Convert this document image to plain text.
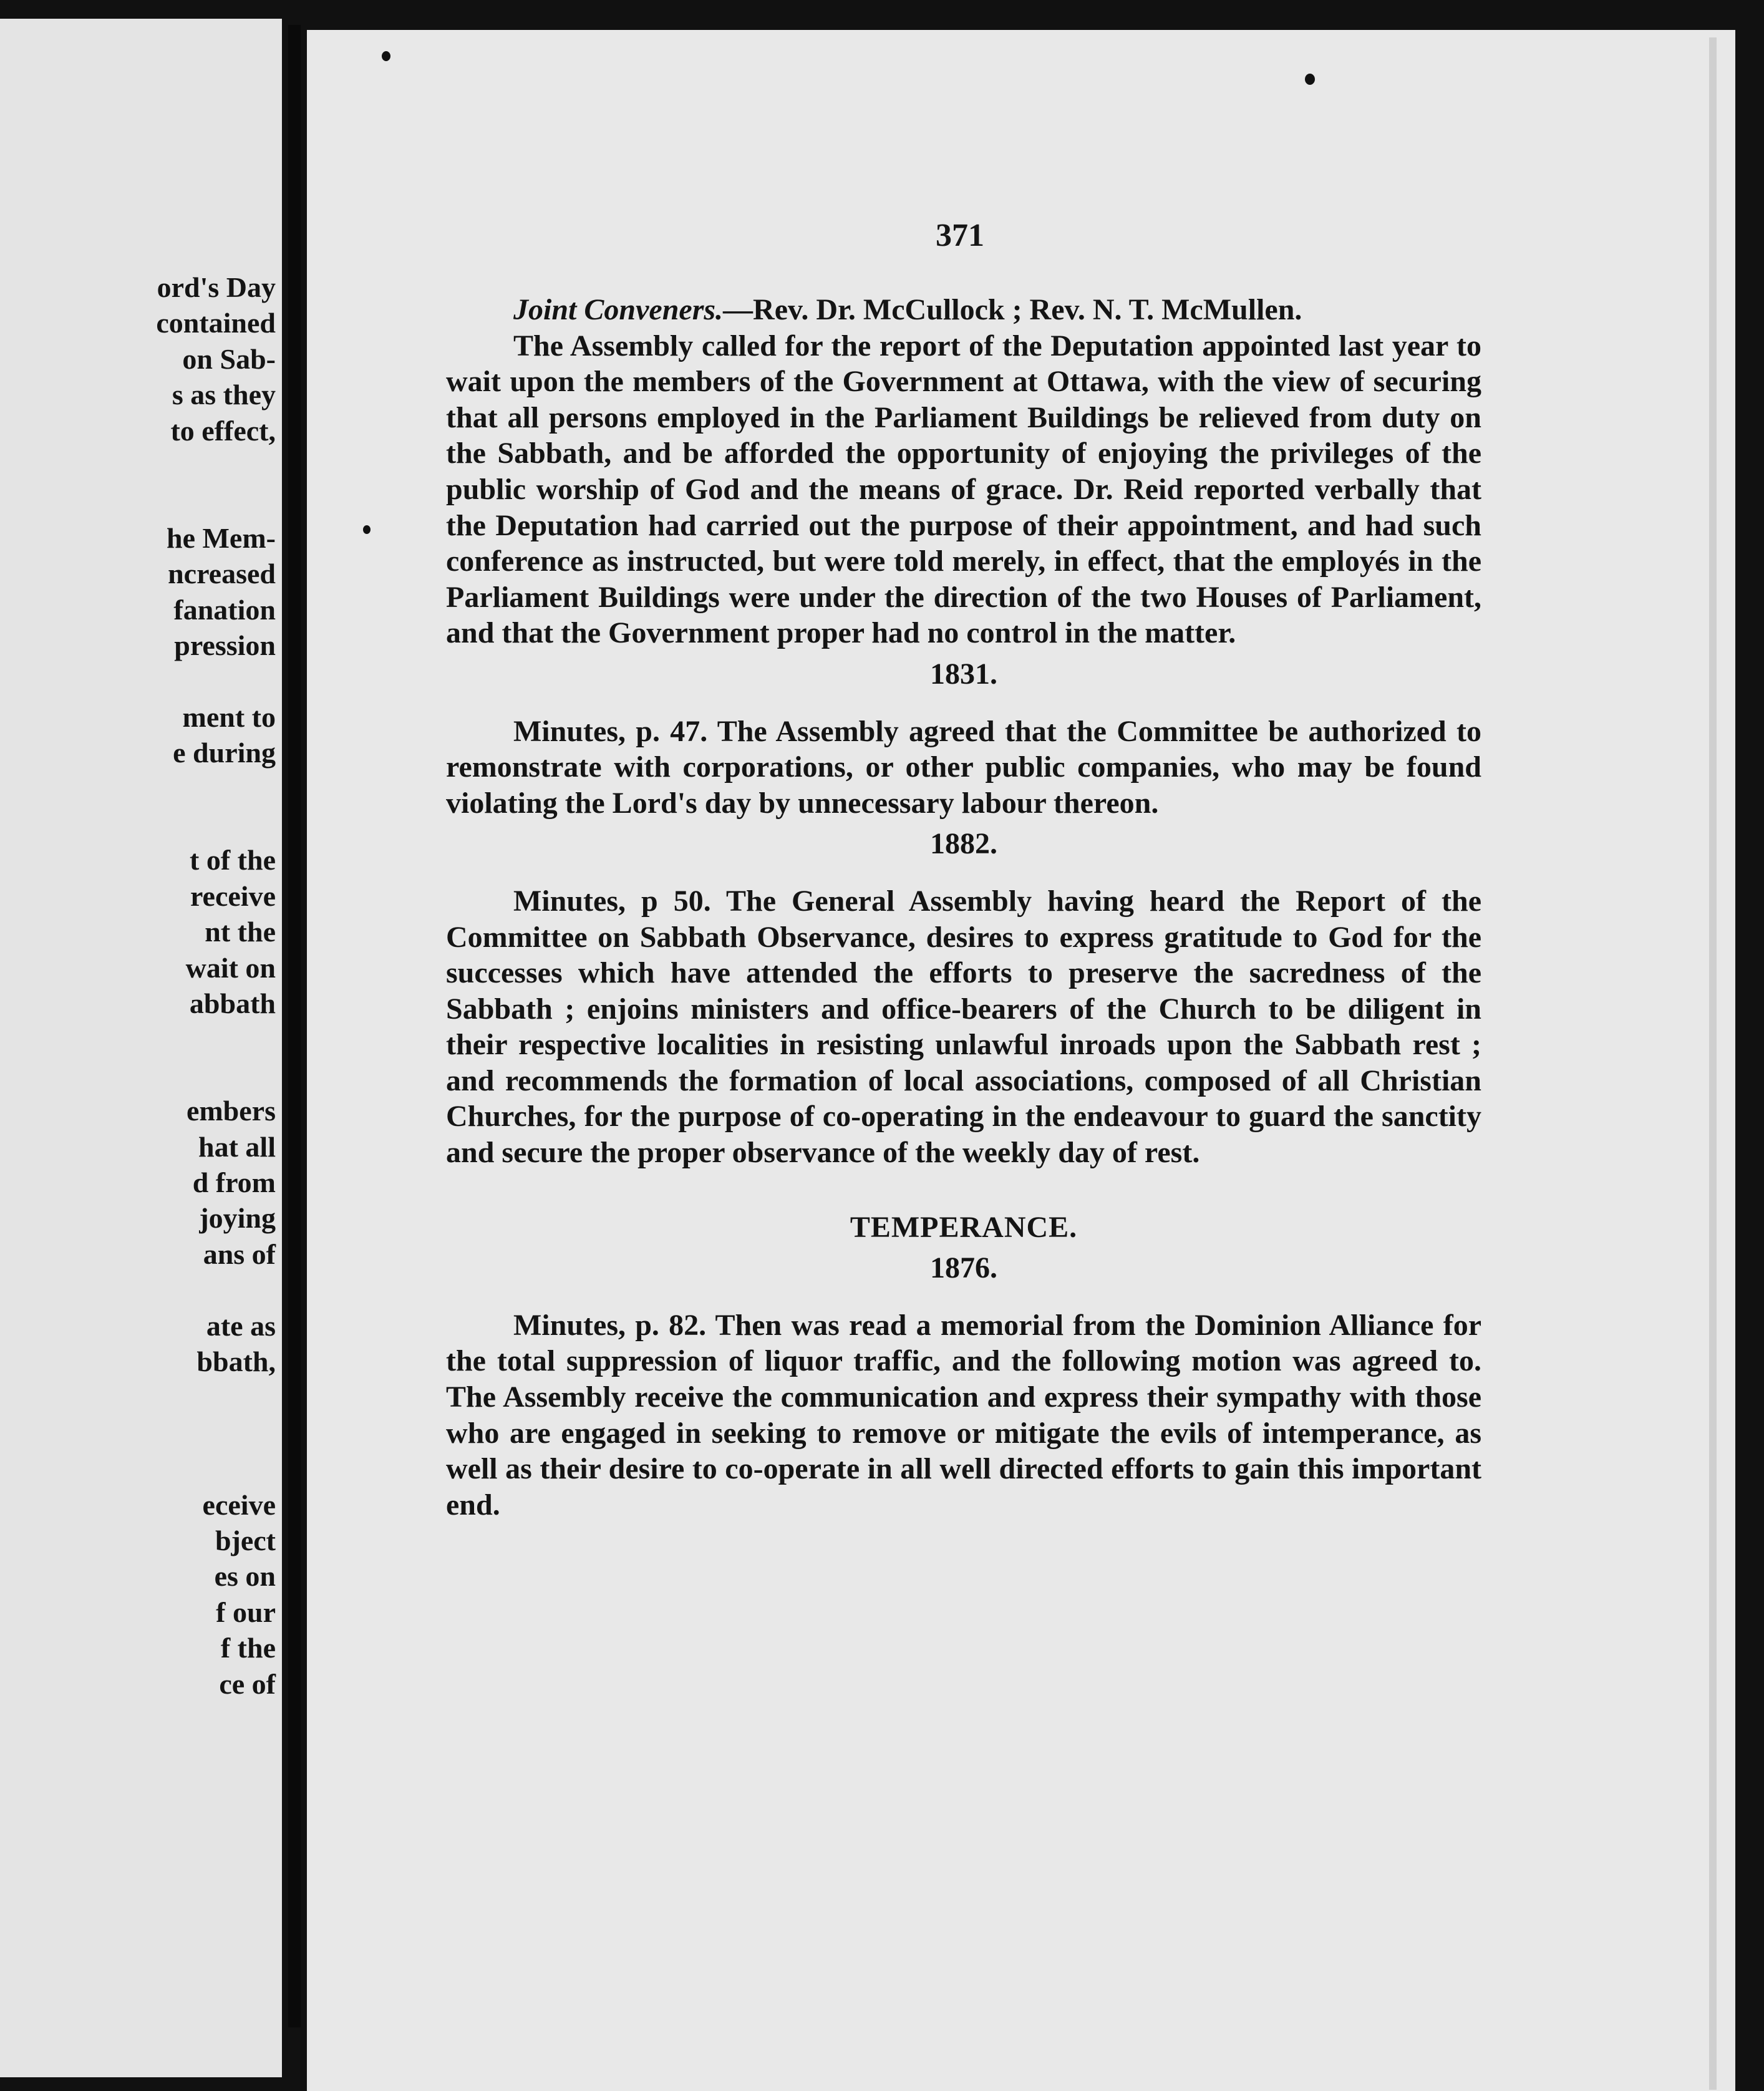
ord's Day

contained

on Sab-

s as they

to effect,

he Mem-

ncreased

fanation

pression

ment to

e during

t of the

receive

nt the

wait on

abbath

embers

hat all

d from

joying

ans of

ate as

bbath,

eceive

bject

es on

f our

f the

ce of

371

Joint Conveners.—Rev. Dr. McCullock ; Rev. N. T. McMullen.

The Assembly called for the report of the Deputation appointed last year to wait upon the members of the Government at Ottawa, with the view of securing that all persons employed in the Parliament Buildings be relieved from duty on the Sabbath, and be afforded the opportunity of enjoying the privileges of the public worship of God and the means of grace. Dr. Reid reported verbally that the Deputation had carried out the purpose of their appointment, and had such conference as instructed, but were told merely, in effect, that the employés in the Parliament Buildings were under the direction of the two Houses of Parliament, and that the Government proper had no control in the matter.

1831.

Minutes, p. 47. The Assembly agreed that the Committee be authorized to remonstrate with corporations, or other public companies, who may be found violating the Lord's day by unnecessary labour thereon.

1882.

Minutes, p 50. The General Assembly having heard the Report of the Committee on Sabbath Observance, desires to express gratitude to God for the successes which have attended the efforts to preserve the sacredness of the Sabbath ; enjoins ministers and office-bearers of the Church to be diligent in their respective localities in resisting unlawful inroads upon the Sabbath rest ; and recommends the formation of local associations, composed of all Christian Churches, for the purpose of co-operating in the endeavour to guard the sanctity and secure the proper observance of the weekly day of rest.

TEMPERANCE.

1876.

Minutes, p. 82. Then was read a memorial from the Dominion Alliance for the total suppression of liquor traffic, and the following motion was agreed to. The Assembly receive the communication and express their sympathy with those who are engaged in seeking to remove or mitigate the evils of intemperance, as well as their desire to co-operate in all well directed efforts to gain this important end.
